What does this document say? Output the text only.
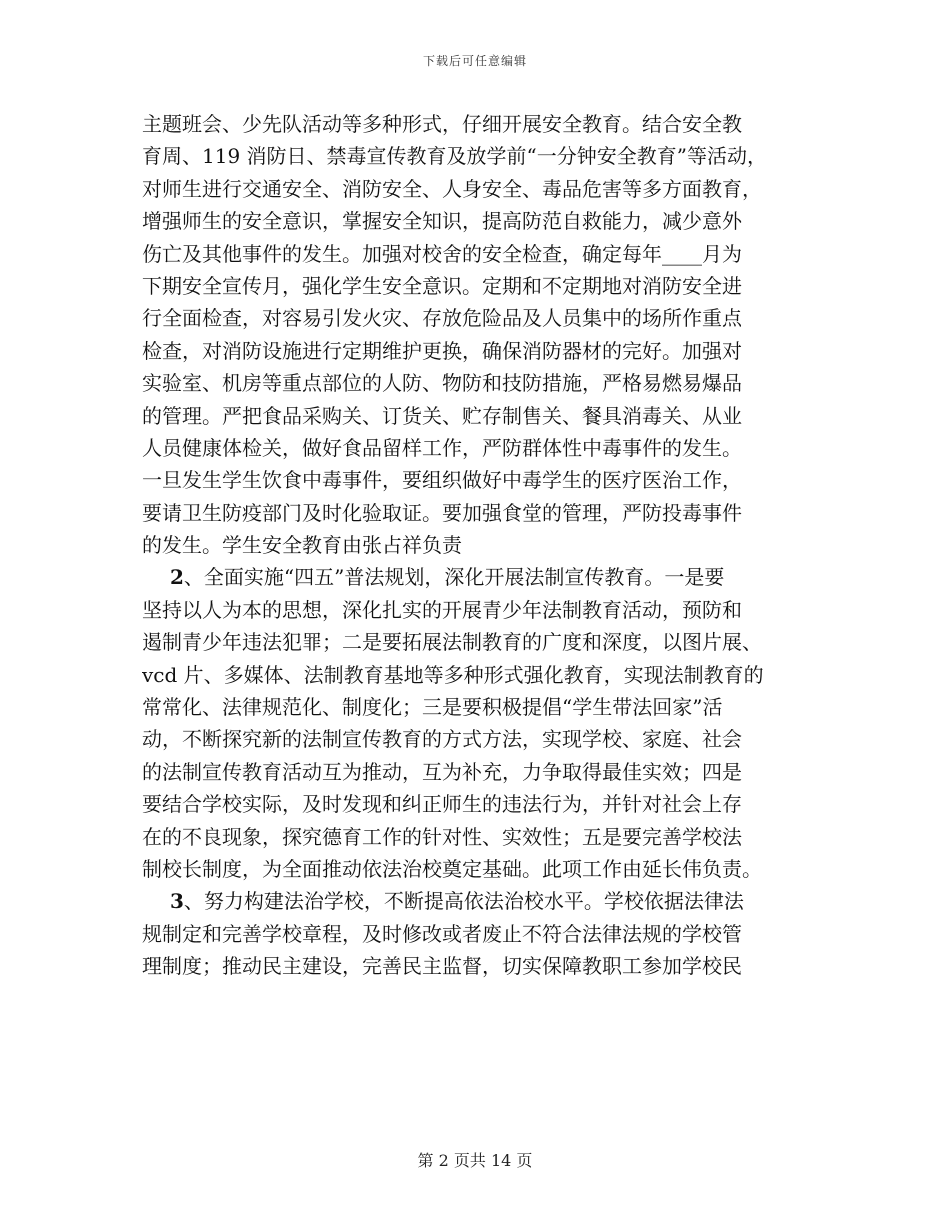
下载后可任意编辑
主题班会、少先队活动等多种形式，仔细开展安全教育。结合安全教
育周、119 消防日、禁毒宣传教育及放学前“一分钟安全教育”等活动，
对师生进行交通安全、消防安全、人身安全、毒品危害等多方面教育，
增强师生的安全意识，掌握安全知识，提高防范自救能力，减少意外
伤亡及其他事件的发生。加强对校舍的安全检查，确定每年____月为
下期安全宣传月，强化学生安全意识。定期和不定期地对消防安全进
行全面检查，对容易引发火灾、存放危险品及人员集中的场所作重点
检查，对消防设施进行定期维护更换，确保消防器材的完好。加强对
实验室、机房等重点部位的人防、物防和技防措施，严格易燃易爆品
的管理。严把食品采购关、订货关、贮存制售关、餐具消毒关、从业
人员健康体检关，做好食品留样工作，严防群体性中毒事件的发生。
一旦发生学生饮食中毒事件，要组织做好中毒学生的医疗医治工作，
要请卫生防疫部门及时化验取证。要加强食堂的管理，严防投毒事件
的发生。学生安全教育由张占祥负责
2、全面实施“四五”普法规划，深化开展法制宣传教育。一是要
坚持以人为本的思想，深化扎实的开展青少年法制教育活动，预防和
遏制青少年违法犯罪；二是要拓展法制教育的广度和深度，以图片展、
vcd 片、多媒体、法制教育基地等多种形式强化教育，实现法制教育的
常常化、法律规范化、制度化；三是要积极提倡“学生带法回家”活
动，不断探究新的法制宣传教育的方式方法，实现学校、家庭、社会
的法制宣传教育活动互为推动，互为补充，力争取得最佳实效；四是
要结合学校实际，及时发现和纠正师生的违法行为，并针对社会上存
在的不良现象，探究德育工作的针对性、实效性；五是要完善学校法
制校长制度，为全面推动依法治校奠定基础。此项工作由延长伟负责。
3、努力构建法治学校，不断提高依法治校水平。学校依据法律法
规制定和完善学校章程，及时修改或者废止不符合法律法规的学校管
理制度；推动民主建设，完善民主监督，切实保障教职工参加学校民
第 2 页共 14 页
